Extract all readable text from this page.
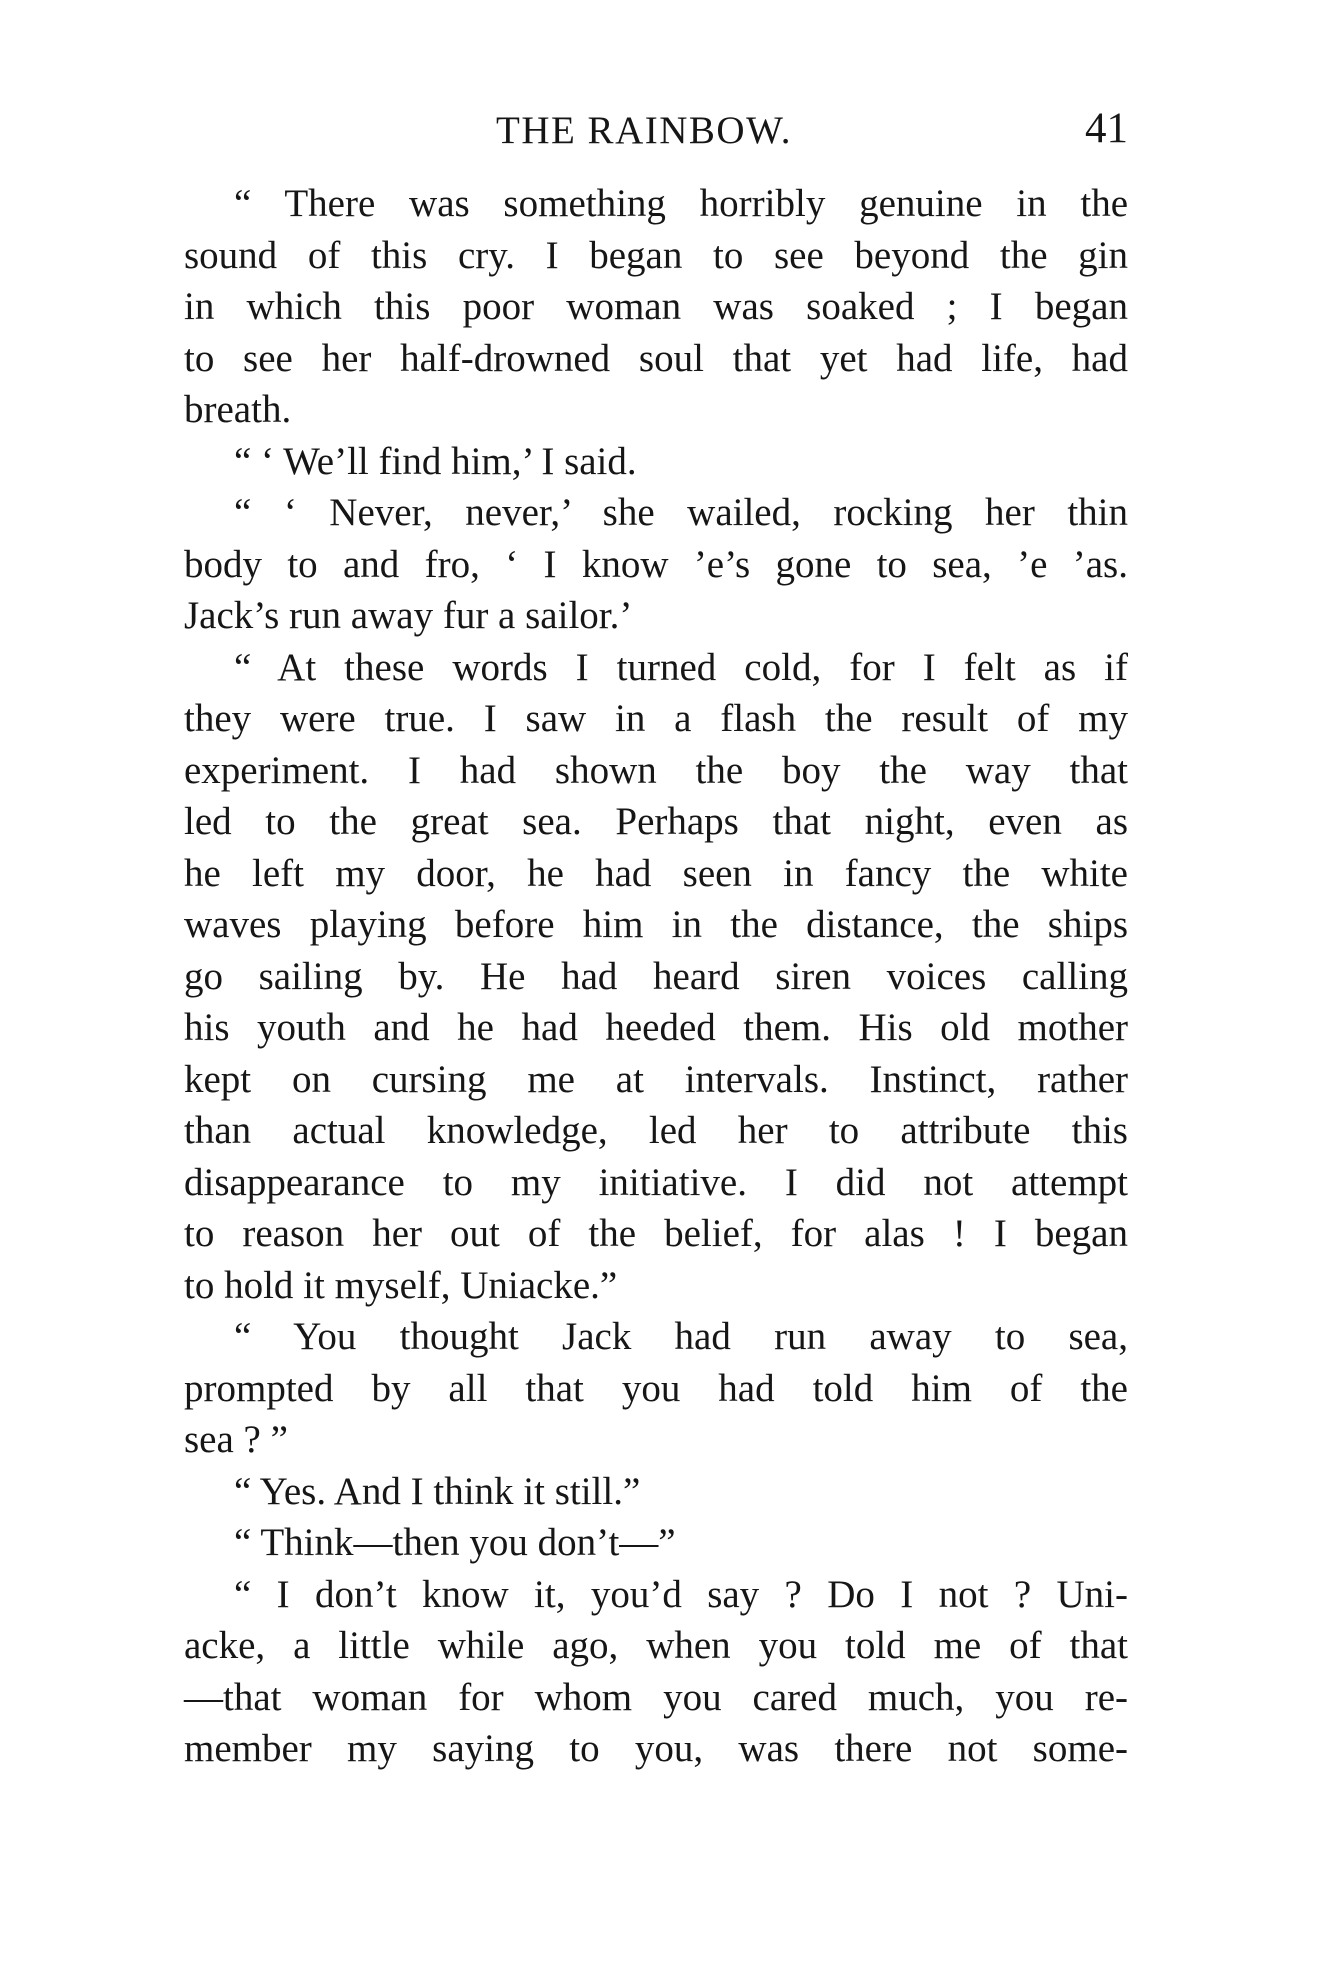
THE RAINBOW.	41
“ There was something horribly genuine in the
sound of this cry. I began to see beyond the gin
in which this poor woman was soaked ; I began
to see her half-drowned soul that yet had life, had
breath.
“ ‘ We’ll find him,’ I said.
“ ‘ Never, never,’ she wailed, rocking her thin
body to and fro, ‘ I know ’e’s gone to sea, ’e ’as.
Jack’s run away fur a sailor.’
“ At these words I turned cold, for I felt as if
they were true. I saw in a flash the result of my
experiment. I had shown the boy the way that
led to the great sea. Perhaps that night, even as
he left my door, he had seen in fancy the white
waves playing before him in the distance, the ships
go sailing by. He had heard siren voices calling
his youth and he had heeded them. His old mother
kept on cursing me at intervals. Instinct, rather
than actual knowledge, led her to attribute this
disappearance to my initiative. I did not attempt
to reason her out of the belief, for alas ! I began
to hold it myself, Uniacke.”
“ You thought Jack had run away to sea,
prompted by all that you had told him of the
sea ? ”
“ Yes. And I think it still.”
“ Think—then you don’t—”
“ I don’t know it, you’d say ? Do I not ? Uni-
acke, a little while ago, when you told me of that
—that woman for whom you cared much, you re-
member my saying to you, was there not some-
